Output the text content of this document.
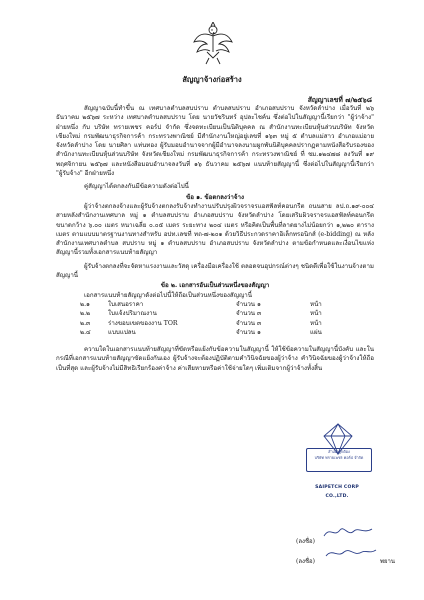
สัญญาจ้างก่อสร้าง
สัญญาเลขที่ ๗/๒๕๖๘

สัญญาฉบับนี้ทำขึ้น ณ เทศบาลตำบลสบปราบ ตำบลสบปราบ อำเภอสบปราบ จังหวัดลำปาง เมื่อวันที่ ๒๖ ธันวาคม ๒๕๖๗ ระหว่าง เทศบาลตำบลสบปราบ โดย นายวัชรินทร์ อุปละไชค์น ซึ่งต่อไปในสัญญานี้เรียกว่า "ผู้ว่าจ้าง" ฝ่ายหนึ่ง กับ บริษัท ทรายเพชร คอร์ป จำกัด ซึ่งจดทะเบียนเป็นนิติบุคคล ณ สำนักงานทะเบียนหุ้นส่วนบริษัท จังหวัดเชียงใหม่ กรมพัฒนาธุรกิจการค้า กระทรวงพาณิชย์ มีสำนักงานใหญ่อยู่เลขที่ ๑๖๓ หมู่ ๕ ตำบลแม่สาว อำเภอแม่อาย จังหวัดลำปาง โดย นายศิลา แท่นทอง ผู้รับมอบอำนาจจากผู้มีอำนาจลงนามผูกพันนิติบุคคลปรากฏตามหนังสือรับรองของสำนักงานทะเบียนหุ้นส่วนบริษัท จังหวัดเชียงใหม่ กรมพัฒนาธุรกิจการค้า กระทรวงพาณิชย์ ที่ ชม.๑๒๔๗๘ ลงวันที่ ๑๙ พฤศจิกายน ๒๕๖๗ และหนังสือมอบอำนาจลงวันที่ ๑๖ ธันวาคม ๒๕๖๗ แนบท้ายสัญญานี้ ซึ่งต่อไปในสัญญานี้เรียกว่า "ผู้รับจ้าง" อีกฝ่ายหนึ่ง

คู่สัญญาได้ตกลงกันมีข้อความดังต่อไปนี้

ข้อ ๑. ข้อตกลงว่าจ้าง

ผู้ว่าจ้างตกลงจ้างและผู้รับจ้างตกลงรับจ้างทำงานปรับปรุงผิวจราจรแอสฟัลท์คอนกรีต ถนนสาย ลป.ถ.๑๙-๐๐๔ สายหลังสำนักงานเทศบาล หมู่ ๑ ตำบลสบปราบ อำเภอสบปราบ จังหวัดลำปาง โดยเสริมผิวจราจรแอสฟัลท์คอนกรีต ขนาดกว้าง ๖.๐๐ เมตร หนาเฉลี่ย ๐.๐๕ เมตร ระยะทาง ๒๐๔ เมตร หรือคิดเป็นพื้นที่ลาดยางไม่น้อยกว่า ๑,๒๒๐ ตารางเมตร ตามแบบมาตรฐานงานทางสำหรับ อปท.เลขที่ ทถ-๗-๒๐๑ ด้วยวิธีประกวดราคาอิเล็กทรอนิกส์ (e-bidding) ณ หลังสำนักงานเทศบาลตำบล สบปราบ หมู่ ๑ ตำบลสบปราบ อำเภอสบปราบ จังหวัดลำปาง ตามข้อกำหนดและเงื่อนไขแห่งสัญญานี้รวมทั้งเอกสารแนบท้ายสัญญา

ผู้รับจ้างตกลงที่จะจัดหาแรงงานและวัสดุ เครื่องมือเครื่องใช้ ตลอดจนอุปกรณ์ต่างๆ ชนิดดีเพื่อใช้ในงานจ้างตามสัญญานี้

ข้อ ๒. เอกสารอันเป็นส่วนหนึ่งของสัญญา

เอกสารแนบท้ายสัญญาดังต่อไปนี้ให้ถือเป็นส่วนหนึ่งของสัญญานี้

๒.๑	ใบเสนอราคา	จำนวน ๑	หน้า
๒.๒	ใบแจ้งปริมาณงาน	จำนวน ๓	หน้า
๒.๓	ร่างขอบเขตของงาน TOR	จำนวน ๓	หน้า
๒.๔	แบบแปลน	จำนวน ๑	แผ่น

ความใดในเอกสารแนบท้ายสัญญาที่ขัดหรือแย้งกับข้อความในสัญญานี้ ให้ใช้ข้อความในสัญญานี้บังคับ และในกรณีที่เอกสารแนบท้ายสัญญาขัดแย้งกันเอง ผู้รับจ้างจะต้องปฏิบัติตามคำวินิจฉัยของผู้ว่าจ้าง คำวินิจฉัยของผู้ว่าจ้างให้ถือเป็นที่สุด และผู้รับจ้างไม่มีสิทธิเรียกร้องค่าจ้าง ค่าเสียหายหรือค่าใช้จ่ายใดๆ เพิ่มเติมจากผู้ว่าจ้างทั้งสิ้น

สำเนาถูกต้อง
บริษัท ทรายเพชร คอร์ป จำกัด
SAIPETCH CORP CO.,LTD.
(ลงชื่อ)
(ลงชื่อ)	พยาน
